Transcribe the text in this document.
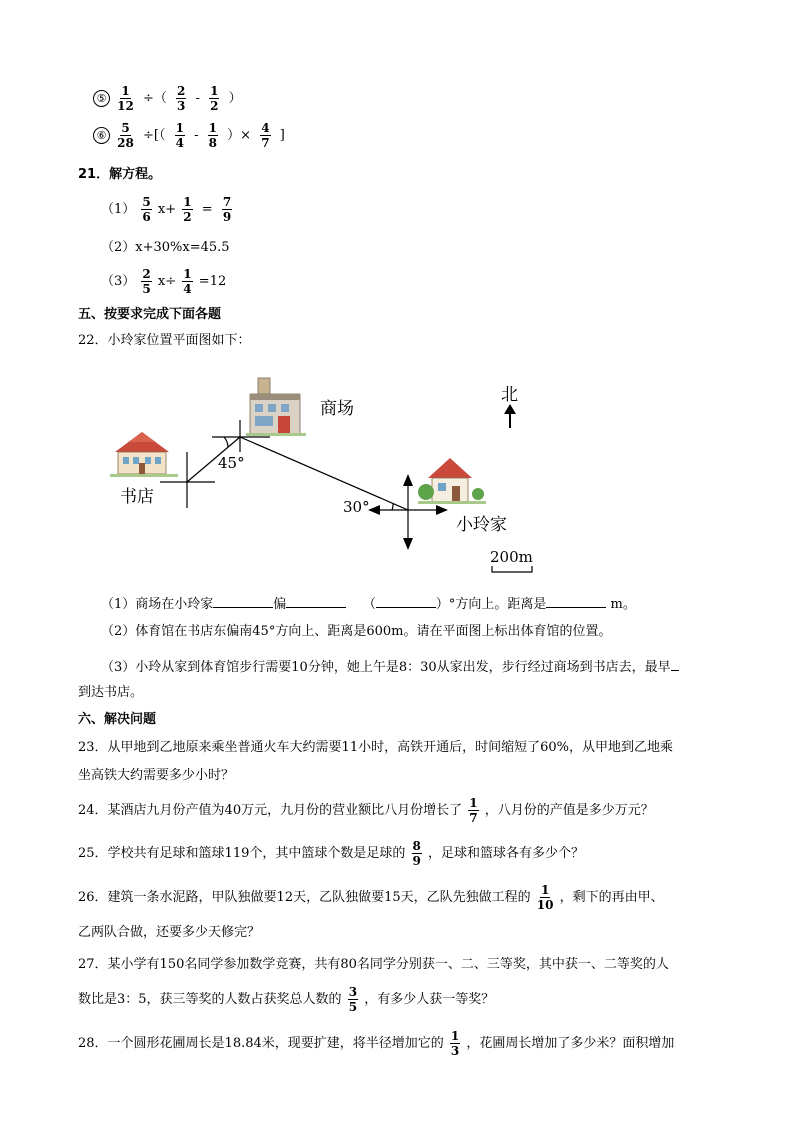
⑤ $\frac{1}{12}$ ÷（ $\frac{2}{3} - \frac{1}{2}$ ）
⑥ $\frac{5}{28}$ ÷[（ $\frac{1}{4} - \frac{1}{8}$ ）× $\frac{4}{7}$ ]
21．解方程。
$(1) \frac{5}{6} x+ \frac{1}{2} = \frac{7}{9}$
（2）x+30%x=45.5
$(3) \frac{2}{5} x\div \frac{1}{4} =12$
五、按要求完成下面各题
22．小玲家位置平面图如下：
商场
书店
小玲家
北
45°
30°
200m
（1）商场在小玲家	偏	（	）°方向上。距离是	m。
（2）体育馆在书店东偏南45°方向上、距离是600m。请在平面图上标出体育馆的位置。
（3）小玲从家到体育馆步行需要10分钟，她上午是8：30从家出发，步行经过商场到书店去，最早
到达书店。
六、解决问题
23．从甲地到乙地原来乘坐普通火车大约需要11小时，高铁开通后，时间缩短了60%，从甲地到乙地乘
坐高铁大约需要多少小时？
24．某酒店九月份产值为40万元，九月份的营业额比八月份增长了 $\frac{1}{7}$ ，八月份的产值是多少万元？
25．学校共有足球和篮球119个，其中篮球个数是足球的 $\frac{8}{9}$ ，足球和篮球各有多少个？
26．建筑一条水泥路，甲队独做要12天，乙队独做要15天，乙队先独做工程的 $\frac{1}{10}$ ，剩下的再由甲、
乙两队合做，还要多少天修完？
27．某小学有150名同学参加数学竞赛，共有80名同学分别获一、二、三等奖，其中获一、二等奖的人
数比是3：5，获三等奖的人数占获奖总人数的 $\frac{3}{5}$ ，有多少人获一等奖？
28．一个圆形花圃周长是18.84米，现要扩建，将半径增加它的 $\frac{1}{3}$ ，花圃周长增加了多少米？面积增加
